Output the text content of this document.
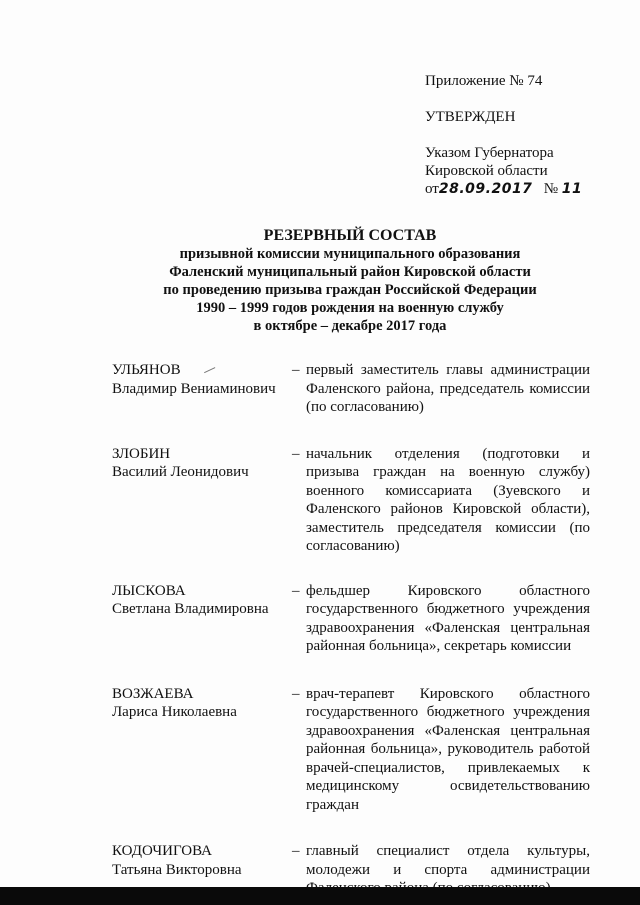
Приложение № 74
УТВЕРЖДЕН
Указом Губернатора
Кировской области
от28.09.2017 № 11
РЕЗЕРВНЫЙ СОСТАВ
призывной комиссии муниципального образования
Фаленский муниципальный район Кировской области
по проведению призыва граждан Российской Федерации
1990 – 1999 годов рождения на военную службу
в октябре – декабре 2017 года
УЛЬЯНОВ
Владимир Вениаминович
– первый заместитель главы администрации Фаленского района, председатель комиссии (по согласованию)
ЗЛОБИН
Василий Леонидович
– начальник отделения (подготовки и призыва граждан на военную службу) военного комиссариата (Зуевского и Фаленского районов Кировской области), заместитель председателя комиссии (по согласованию)
ЛЫСКОВА
Светлана Владимировна
– фельдшер Кировского областного государственного бюджетного учреждения здравоохранения «Фаленская центральная районная больница», секретарь комиссии
ВОЗЖАЕВА
Лариса Николаевна
– врач-терапевт Кировского областного государственного бюджетного учреждения здравоохранения «Фаленская центральная районная больница», руководитель работой врачей-специалистов, привлекаемых к медицинскому освидетельствованию граждан
КОДОЧИГОВА
Татьяна Викторовна
– главный специалист отдела культуры, молодежи и спорта администрации
